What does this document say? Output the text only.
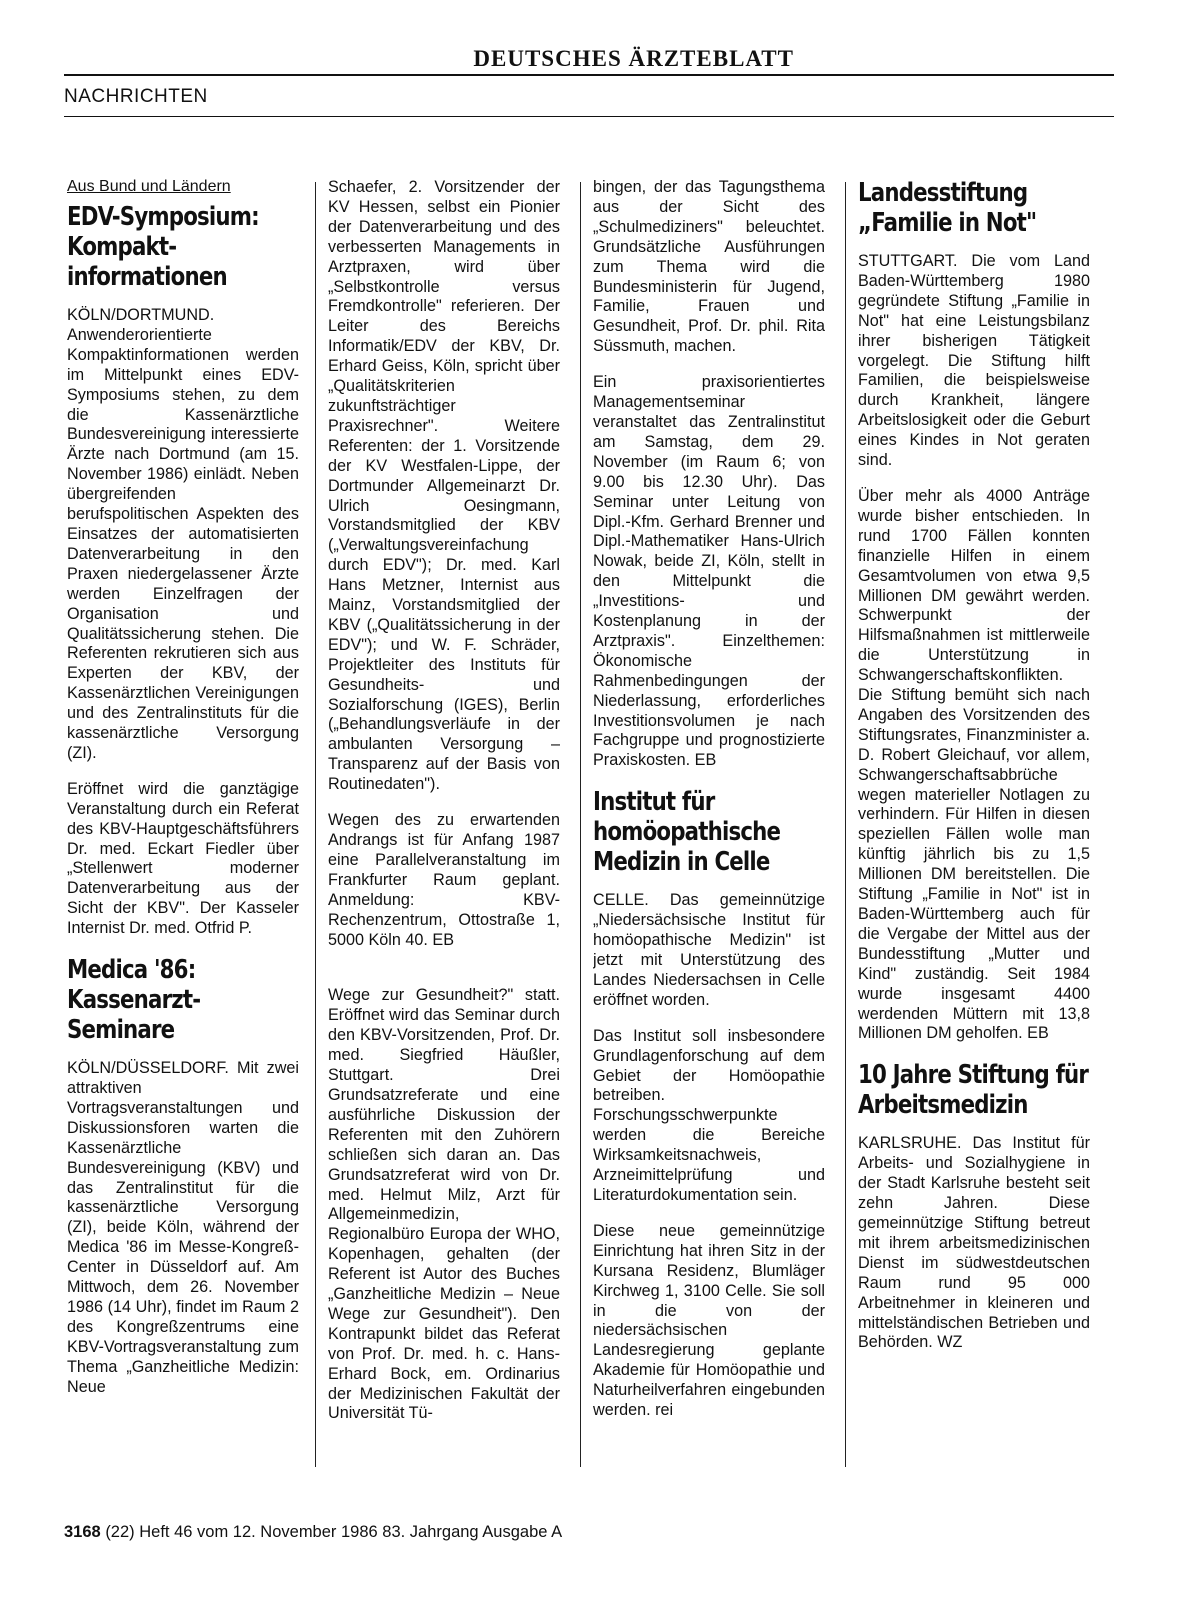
DEUTSCHES ÄRZTEBLATT
NACHRICHTEN
Aus Bund und Ländern
EDV-Symposium: Kompakt-informationen

KÖLN/DORTMUND. Anwenderorientierte Kompaktinformationen werden im Mittelpunkt eines EDV-Symposiums stehen, zu dem die Kassenärztliche Bundesvereinigung interessierte Ärzte nach Dortmund (am 15. November 1986) einlädt. Neben übergreifenden berufspolitischen Aspekten des Einsatzes der automatisierten Datenverarbeitung in den Praxen niedergelassener Ärzte werden Einzelfragen der Organisation und Qualitätssicherung stehen. Die Referenten rekrutieren sich aus Experten der KBV, der Kassenärztlichen Vereinigungen und des Zentralinstituts für die kassenärztliche Versorgung (ZI).

Eröffnet wird die ganztägige Veranstaltung durch ein Referat des KBV-Hauptgeschäftsführers Dr. med. Eckart Fiedler über „Stellenwert moderner Datenverarbeitung aus der Sicht der KBV". Der Kasseler Internist Dr. med. Otfrid P.

Medica '86: Kassenarzt-Seminare

KÖLN/DÜSSELDORF. Mit zwei attraktiven Vortragsveranstaltungen und Diskussionsforen warten die Kassenärztliche Bundesvereinigung (KBV) und das Zentralinstitut für die kassenärztliche Versorgung (ZI), beide Köln, während der Medica '86 im Messe-Kongreß-Center in Düsseldorf auf. Am Mittwoch, dem 26. November 1986 (14 Uhr), findet im Raum 2 des Kongreßzentrums eine KBV-Vortragsveranstaltung zum Thema „Ganzheitliche Medizin: Neue

Schaefer, 2. Vorsitzender der KV Hessen, selbst ein Pionier der Datenverarbeitung und des verbesserten Managements in Arztpraxen, wird über „Selbstkontrolle versus Fremdkontrolle" referieren. Der Leiter des Bereichs Informatik/EDV der KBV, Dr. Erhard Geiss, Köln, spricht über „Qualitätskriterien zukunftsträchtiger Praxisrechner". Weitere Referenten: der 1. Vorsitzende der KV Westfalen-Lippe, der Dortmunder Allgemeinarzt Dr. Ulrich Oesingmann, Vorstandsmitglied der KBV („Verwaltungsvereinfachung durch EDV"); Dr. med. Karl Hans Metzner, Internist aus Mainz, Vorstandsmitglied der KBV („Qualitätssicherung in der EDV"); und W. F. Schräder, Projektleiter des Instituts für Gesundheits- und Sozialforschung (IGES), Berlin („Behandlungsverläufe in der ambulanten Versorgung – Transparenz auf der Basis von Routinedaten").

Wegen des zu erwartenden Andrangs ist für Anfang 1987 eine Parallelveranstaltung im Frankfurter Raum geplant. Anmeldung: KBV-Rechenzentrum, Ottostraße 1, 5000 Köln 40. EB

Wege zur Gesundheit?" statt. Eröffnet wird das Seminar durch den KBV-Vorsitzenden, Prof. Dr. med. Siegfried Häußler, Stuttgart. Drei Grundsatzreferate und eine ausführliche Diskussion der Referenten mit den Zuhörern schließen sich daran an. Das Grundsatzreferat wird von Dr. med. Helmut Milz, Arzt für Allgemeinmedizin, Regionalbüro Europa der WHO, Kopenhagen, gehalten (der Referent ist Autor des Buches „Ganzheitliche Medizin – Neue Wege zur Gesundheit"). Den Kontrapunkt bildet das Referat von Prof. Dr. med. h. c. Hans-Erhard Bock, em. Ordinarius der Medizinischen Fakultät der Universität Tü-

bingen, der das Tagungsthema aus der Sicht des „Schulmediziners" beleuchtet. Grundsätzliche Ausführungen zum Thema wird die Bundesministerin für Jugend, Familie, Frauen und Gesundheit, Prof. Dr. phil. Rita Süssmuth, machen.

Ein praxisorientiertes Managementseminar veranstaltet das Zentralinstitut am Samstag, dem 29. November (im Raum 6; von 9.00 bis 12.30 Uhr). Das Seminar unter Leitung von Dipl.-Kfm. Gerhard Brenner und Dipl.-Mathematiker Hans-Ulrich Nowak, beide ZI, Köln, stellt in den Mittelpunkt die „Investitions- und Kostenplanung in der Arztpraxis". Einzelthemen: Ökonomische Rahmenbedingungen der Niederlassung, erforderliches Investitionsvolumen je nach Fachgruppe und prognostizierte Praxiskosten. EB

Institut für homöopathische Medizin in Celle

CELLE. Das gemeinnützige „Niedersächsische Institut für homöopathische Medizin" ist jetzt mit Unterstützung des Landes Niedersachsen in Celle eröffnet worden.

Das Institut soll insbesondere Grundlagenforschung auf dem Gebiet der Homöopathie betreiben. Forschungsschwerpunkte werden die Bereiche Wirksamkeitsnachweis, Arzneimittelprüfung und Literaturdokumentation sein.

Diese neue gemeinnützige Einrichtung hat ihren Sitz in der Kursana Residenz, Blumläger Kirchweg 1, 3100 Celle. Sie soll in die von der niedersächsischen Landesregierung geplante Akademie für Homöopathie und Naturheilverfahren eingebunden werden. rei

Landesstiftung „Familie in Not"

STUTTGART. Die vom Land Baden-Württemberg 1980 gegründete Stiftung „Familie in Not" hat eine Leistungsbilanz ihrer bisherigen Tätigkeit vorgelegt. Die Stiftung hilft Familien, die beispielsweise durch Krankheit, längere Arbeitslosigkeit oder die Geburt eines Kindes in Not geraten sind.

Über mehr als 4000 Anträge wurde bisher entschieden. In rund 1700 Fällen konnten finanzielle Hilfen in einem Gesamtvolumen von etwa 9,5 Millionen DM gewährt werden. Schwerpunkt der Hilfsmaßnahmen ist mittlerweile die Unterstützung in Schwangerschaftskonflikten. Die Stiftung bemüht sich nach Angaben des Vorsitzenden des Stiftungsrates, Finanzminister a. D. Robert Gleichauf, vor allem, Schwangerschaftsabbrüche wegen materieller Notlagen zu verhindern. Für Hilfen in diesen speziellen Fällen wolle man künftig jährlich bis zu 1,5 Millionen DM bereitstellen. Die Stiftung „Familie in Not" ist in Baden-Württemberg auch für die Vergabe der Mittel aus der Bundesstiftung „Mutter und Kind" zuständig. Seit 1984 wurde insgesamt 4400 werdenden Müttern mit 13,8 Millionen DM geholfen. EB

10 Jahre Stiftung für Arbeitsmedizin

KARLSRUHE. Das Institut für Arbeits- und Sozialhygiene in der Stadt Karlsruhe besteht seit zehn Jahren. Diese gemeinnützige Stiftung betreut mit ihrem arbeitsmedizinischen Dienst im südwestdeutschen Raum rund 95 000 Arbeitnehmer in kleineren und mittelständischen Betrieben und Behörden. WZ

3168 (22) Heft 46 vom 12. November 1986 83. Jahrgang Ausgabe A
